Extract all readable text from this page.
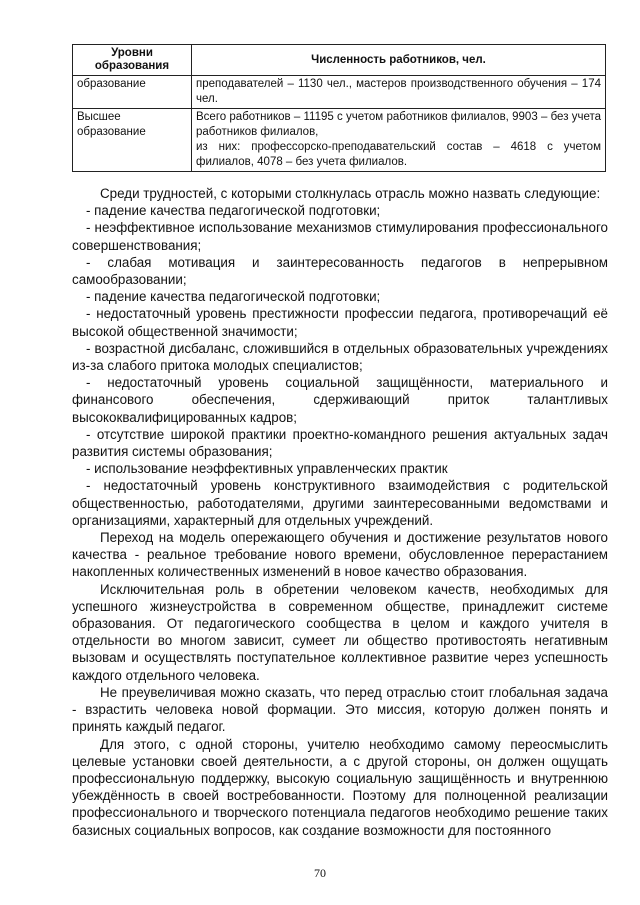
Уровни образования	Численность работников, чел.
образование	преподавателей – 1130 чел., мастеров производственного обучения – 174 чел.

Высшее образование	Всего работников – 11195 с учетом работников филиалов, 9903 – без учета работников филиалов,
из них: профессорско-преподавательский состав – 4618 с учетом филиалов, 4078 – без учета филиалов.

Среди трудностей, с которыми столкнулась отрасль можно назвать следующие:

- падение качества педагогической подготовки;

- неэффективное использование механизмов стимулирования профессионального совершенствования;

- слабая мотивация и заинтересованность педагогов в непрерывном самообразовании;

- падение качества педагогической подготовки;

- недостаточный уровень престижности профессии педагога, противоречащий её высокой общественной значимости;

- возрастной дисбаланс, сложившийся в отдельных образовательных учреждениях из-за слабого притока молодых специалистов;

- недостаточный уровень социальной защищённости, материального и финансового обеспечения, сдерживающий приток талантливых высококвалифицированных кадров;

- отсутствие широкой практики проектно-командного решения актуальных задач развития системы образования;

- использование неэффективных управленческих практик

- недостаточный уровень конструктивного взаимодействия с родительской общественностью, работодателями, другими заинтересованными ведомствами и организациями, характерный для отдельных учреждений.

Переход на модель опережающего обучения и достижение результатов нового качества - реальное требование нового времени, обусловленное перерастанием накопленных количественных изменений в новое качество образования.

Исключительная роль в обретении человеком качеств, необходимых для успешного жизнеустройства в современном обществе, принадлежит системе образования. От педагогического сообщества в целом и каждого учителя в отдельности во многом зависит, сумеет ли общество противостоять негативным вызовам и осуществлять поступательное коллективное развитие через успешность каждого отдельного человека.

Не преувеличивая можно сказать, что перед отраслью стоит глобальная задача - взрастить человека новой формации. Это миссия, которую должен понять и принять каждый педагог.

Для этого, с одной стороны, учителю необходимо самому переосмыслить целевые установки своей деятельности, а с другой стороны, он должен ощущать профессиональную поддержку, высокую социальную защищённость и внутреннюю убеждённость в своей востребованности. Поэтому для полноценной реализации профессионального и творческого потенциала педагогов необходимо решение таких базисных социальных вопросов, как создание возможности для постоянного

70
